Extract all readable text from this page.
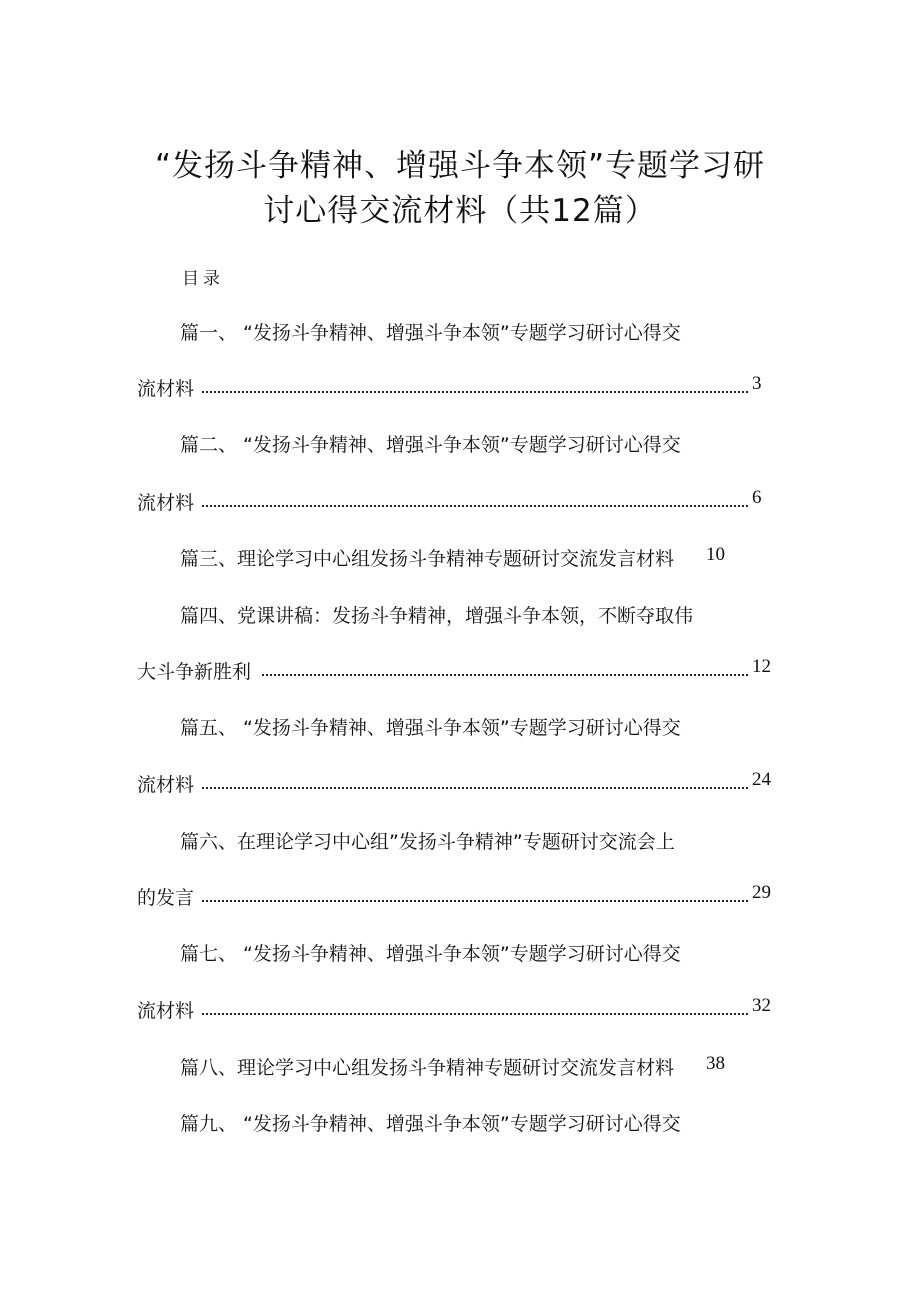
“发扬斗争精神、增强斗争本领”专题学习研
讨心得交流材料（共12篇）
目录
篇一、 “发扬斗争精神、增强斗争本领”专题学习研讨心得交
流材料	3
篇二、 “发扬斗争精神、增强斗争本领”专题学习研讨心得交
流材料	6
篇三、理论学习中心组发扬斗争精神专题研讨交流发言材料 10
篇四、党课讲稿：发扬斗争精神，增强斗争本领，不断夺取伟
大斗争新胜利	12
篇五、 “发扬斗争精神、增强斗争本领”专题学习研讨心得交
流材料	24
篇六、在理论学习中心组”发扬斗争精神”专题研讨交流会上
的发言	29
篇七、 “发扬斗争精神、增强斗争本领”专题学习研讨心得交
流材料	32
篇八、理论学习中心组发扬斗争精神专题研讨交流发言材料 38
篇九、 “发扬斗争精神、增强斗争本领”专题学习研讨心得交
